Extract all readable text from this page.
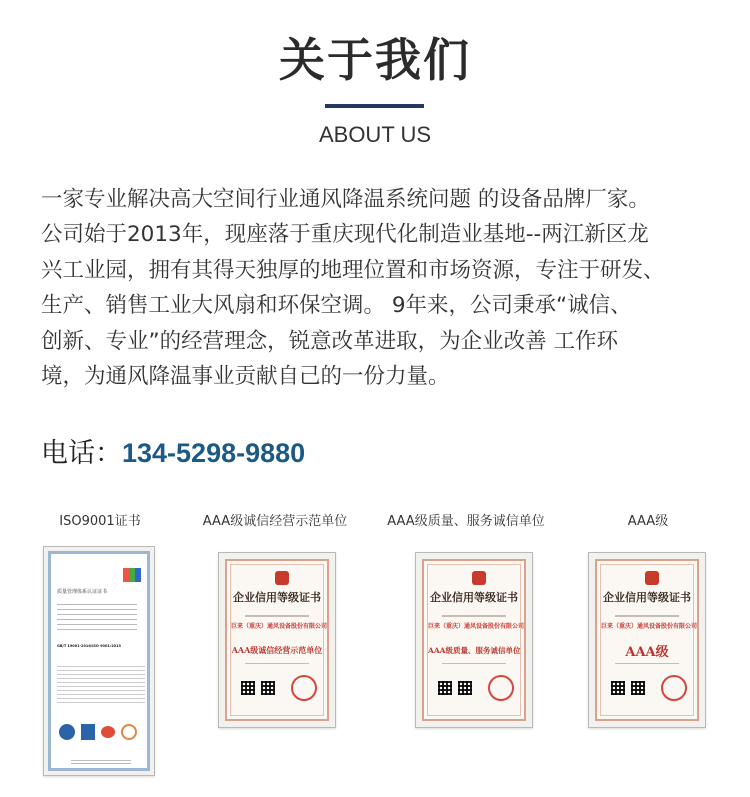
关于我们
ABOUT US

一家专业解决高大空间行业通风降温系统问题 的设备品牌厂家。

公司始于2013年，现座落于重庆现代化制造业基地--两江新区龙

兴工业园，拥有其得天独厚的地理位置和市场资源，专注于研发、

生产、销售工业大风扇和环保空调。 9年来，公司秉承“诚信、

创新、专业”的经营理念，锐意改革进取，为企业改善 工作环

境，为通风降温事业贡献自己的一份力量。

电话：134-5298-9880
ISO9001证书
质量管理体系认证证书
GB/T 19001-2016/ISO 9001:2015
AAA级诚信经营示范单位
企业信用等级证书
巨来（重庆）通风设备股份有限公司
AAA级诚信经营示范单位
AAA级质量、服务诚信单位
企业信用等级证书
巨来（重庆）通风设备股份有限公司
AAA级质量、服务诚信单位
AAA级
企业信用等级证书
巨来（重庆）通风设备股份有限公司
AAA级
